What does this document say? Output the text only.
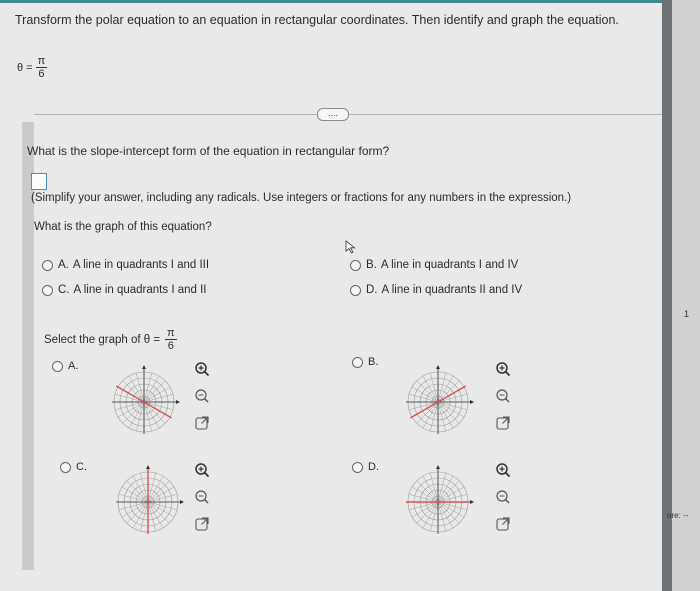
Transform the polar equation to an equation in rectangular coordinates. Then identify and graph the equation.
$\theta = \frac{\pi}{6}$
....
What is the slope-intercept form of the equation in rectangular form?
(Simplify your answer, including any radicals. Use integers or fractions for any numbers in the expression.)
What is the graph of this equation?
A. A line in quadrants I and III
C. A line in quadrants I and II
B. A line in quadrants I and IV
D. A line in quadrants II and IV
Select the graph of $\theta = \frac{\pi}{6}$
A.	B.
C.	D.
1
ore: --
